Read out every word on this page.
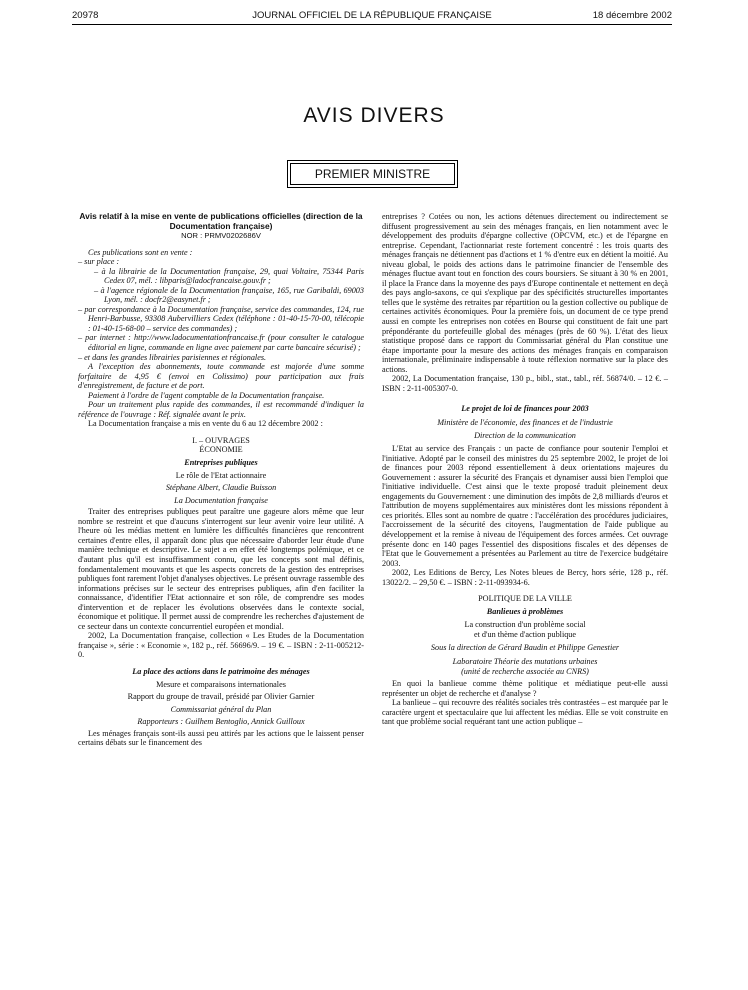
20978	JOURNAL OFFICIEL DE LA RÉPUBLIQUE FRANÇAISE	18 décembre 2002
AVIS DIVERS
PREMIER MINISTRE

Avis relatif à la mise en vente de publications officielles (direction de la Documentation française)

NOR : PRMV0202686V

Ces publications sont en vente :

– sur place :

– à la librairie de la Documentation française, 29, quai Voltaire, 75344 Paris Cedex 07, mél. : libparis@ladocfrancaise.gouv.fr ;

– à l'agence régionale de la Documentation française, 165, rue Garibaldi, 69003 Lyon, mél. : docfr2@easynet.fr ;

– par correspondance à la Documentation française, service des commandes, 124, rue Henri-Barbusse, 93308 Aubervilliers Cedex (téléphone : 01-40-15-70-00, télécopie : 01-40-15-68-00 – service des commandes) ;

– par internet : http://www.ladocumentationfrancaise.fr (pour consulter le catalogue éditorial en ligne, commande en ligne avec paiement par carte bancaire sécurisé) ;

– et dans les grandes librairies parisiennes et régionales.

A l'exception des abonnements, toute commande est majorée d'une somme forfaitaire de 4,95 € (envoi en Colissimo) pour participation aux frais d'enregistrement, de facture et de port.

Paiement à l'ordre de l'agent comptable de la Documentation française.

Pour un traitement plus rapide des commandes, il est recommandé d'indiquer la référence de l'ouvrage : Réf. signalée avant le prix.

La Documentation française a mis en vente du 6 au 12 décembre 2002 :

I. – OUVRAGES

ÉCONOMIE

Entreprises publiques

Le rôle de l'Etat actionnaire

Stéphane Albert, Claudie Buisson

La Documentation française

Traiter des entreprises publiques peut paraître une gageure alors même que leur nombre se restreint et que d'aucuns s'interrogent sur leur avenir voire leur utilité. A l'heure où les médias mettent en lumière les difficultés financières que rencontrent certaines d'entre elles, il apparaît donc plus que nécessaire d'aborder leur étude d'une manière technique et descriptive. Le sujet a en effet été longtemps polémique, et ce d'autant plus qu'il est insuffisamment connu, que les concepts sont mal définis, fondamentalement mouvants et que les aspects concrets de la gestion des entreprises publiques font rarement l'objet d'analyses objectives. Le présent ouvrage rassemble des informations précises sur le secteur des entreprises publiques, afin d'en faciliter la connaissance, d'identifier l'Etat actionnaire et son rôle, de comprendre ses modes d'intervention et de replacer les évolutions observées dans le contexte social, économique et politique. Il permet aussi de comprendre les recherches d'ajustement de ce secteur dans un contexte concurrentiel européen et mondial.

2002, La Documentation française, collection « Les Etudes de la Documentation française », série : « Economie », 182 p., réf. 56696/9. – 19 €. – ISBN : 2-11-005212-0.

La place des actions dans le patrimoine des ménages

Mesure et comparaisons internationales

Rapport du groupe de travail, présidé par Olivier Garnier

Commissariat général du Plan

Rapporteurs : Guilhem Bentoglio, Annick Guilloux

Les ménages français sont-ils aussi peu attirés par les actions que le laissent penser certains débats sur le financement des

entreprises ? Cotées ou non, les actions détenues directement ou indirectement se diffusent progressivement au sein des ménages français, en lien notamment avec le développement des produits d'épargne collective (OPCVM, etc.) et de l'épargne en entreprise. Cependant, l'actionnariat reste fortement concentré : les trois quarts des ménages français ne détiennent pas d'actions et 1 % d'entre eux en détient la moitié. Au niveau global, le poids des actions dans le patrimoine financier de l'ensemble des ménages fluctue avant tout en fonction des cours boursiers. Se situant à 30 % en 2001, il place la France dans la moyenne des pays d'Europe continentale et nettement en deçà des pays anglo-saxons, ce qui s'explique par des spécificités structurelles importantes telles que le système des retraites par répartition ou la gestion collective ou publique de certaines activités économiques. Pour la première fois, un document de ce type prend aussi en compte les entreprises non cotées en Bourse qui constituent de fait une part prépondérante du portefeuille global des ménages (près de 60 %). L'état des lieux statistique proposé dans ce rapport du Commissariat général du Plan constitue une étape importante pour la mesure des actions des ménages français en comparaison internationale, préliminaire indispensable à toute réflexion normative sur la place des actions.

2002, La Documentation française, 130 p., bibl., stat., tabl., réf. 56874/0. – 12 €. – ISBN : 2-11-005307-0.

Le projet de loi de finances pour 2003

Ministère de l'économie, des finances et de l'industrie

Direction de la communication

L'Etat au service des Français : un pacte de confiance pour soutenir l'emploi et l'initiative. Adopté par le conseil des ministres du 25 septembre 2002, le projet de loi de finances pour 2003 répond essentiellement à deux orientations majeures du Gouvernement : assurer la sécurité des Français et dynamiser aussi bien l'emploi que l'initiative individuelle. C'est ainsi que le texte proposé traduit pleinement deux engagements du Gouvernement : une diminution des impôts de 2,8 milliards d'euros et l'attribution de moyens supplémentaires aux ministères dont les missions répondent à ces priorités. Elles sont au nombre de quatre : l'accélération des procédures judiciaires, l'accroissement de la sécurité des citoyens, l'augmentation de l'aide publique au développement et la remise à niveau de l'équipement des forces armées. Cet ouvrage présente donc en 140 pages l'essentiel des dispositions fiscales et des dépenses de l'Etat que le Gouvernement a présentées au Parlement au titre de l'exercice budgétaire 2003.

2002, Les Editions de Bercy, Les Notes bleues de Bercy, hors série, 128 p., réf. 13022/2. – 29,50 €. – ISBN : 2-11-093934-6.

POLITIQUE DE LA VILLE

Banlieues à problèmes

La construction d'un problème social

et d'un thème d'action publique

Sous la direction de Gérard Baudin et Philippe Genestier

Laboratoire Théorie des mutations urbaines

(unité de recherche associée au CNRS)

En quoi la banlieue comme thème politique et médiatique peut-elle aussi représenter un objet de recherche et d'analyse ?

La banlieue – qui recouvre des réalités sociales très contrastées – est marquée par le caractère urgent et spectaculaire que lui affectent les médias. Elle se voit construite en tant que problème social requérant tant une action publique –
